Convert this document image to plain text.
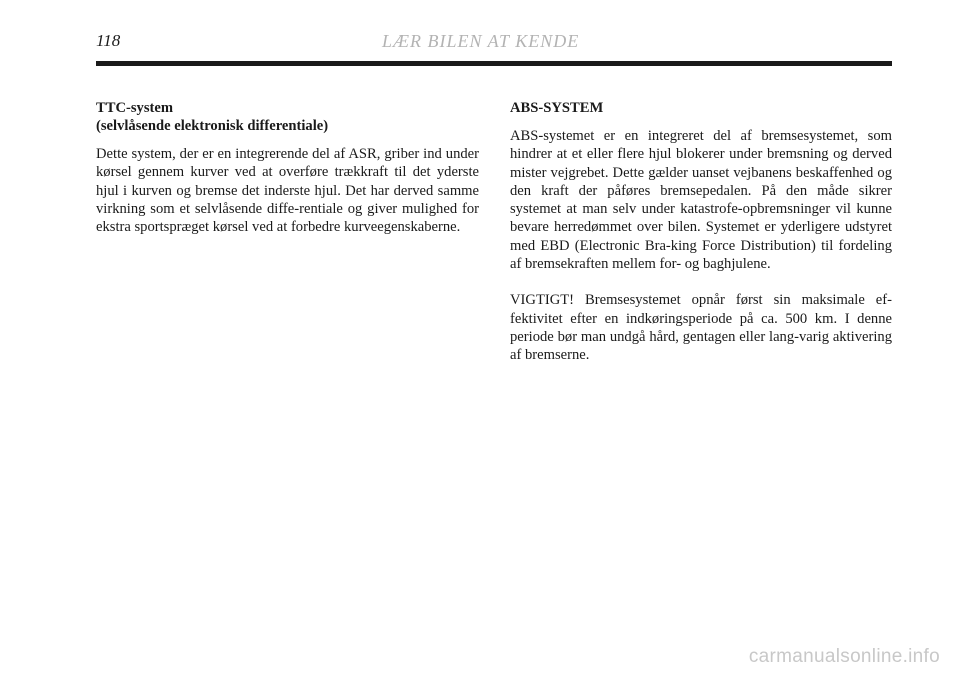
118	LÆR BILEN AT KENDE
TTC-system
(selvlåsende elektronisk differentiale)

Dette system, der er en integrerende del af ASR, griber ind under kørsel gennem kurver ved at overføre trækkraft til det yderste hjul i kurven og bremse det inderste hjul. Det har derved samme virkning som et selvlåsende diffe-rentiale og giver mulighed for ekstra sportspræget kørsel ved at forbedre kurveegenskaberne.

ABS-SYSTEM

ABS-systemet er en integreret del af bremsesystemet, som hindrer at et eller flere hjul blokerer under bremsning og derved mister vejgrebet. Dette gælder uanset vejbanens beskaffenhed og den kraft der påføres bremsepedalen. På den måde sikrer systemet at man selv under katastrofe-opbremsninger vil kunne bevare herredømmet over bilen. Systemet er yderligere udstyret med EBD (Electronic Bra-king Force Distribution) til fordeling af bremsekraften mellem for- og baghjulene.

VIGTIGT! Bremsesystemet opnår først sin maksimale ef-fektivitet efter en indkøringsperiode på ca. 500 km. I denne periode bør man undgå hård, gentagen eller lang-varig aktivering af bremserne.

carmanualsonline.info
